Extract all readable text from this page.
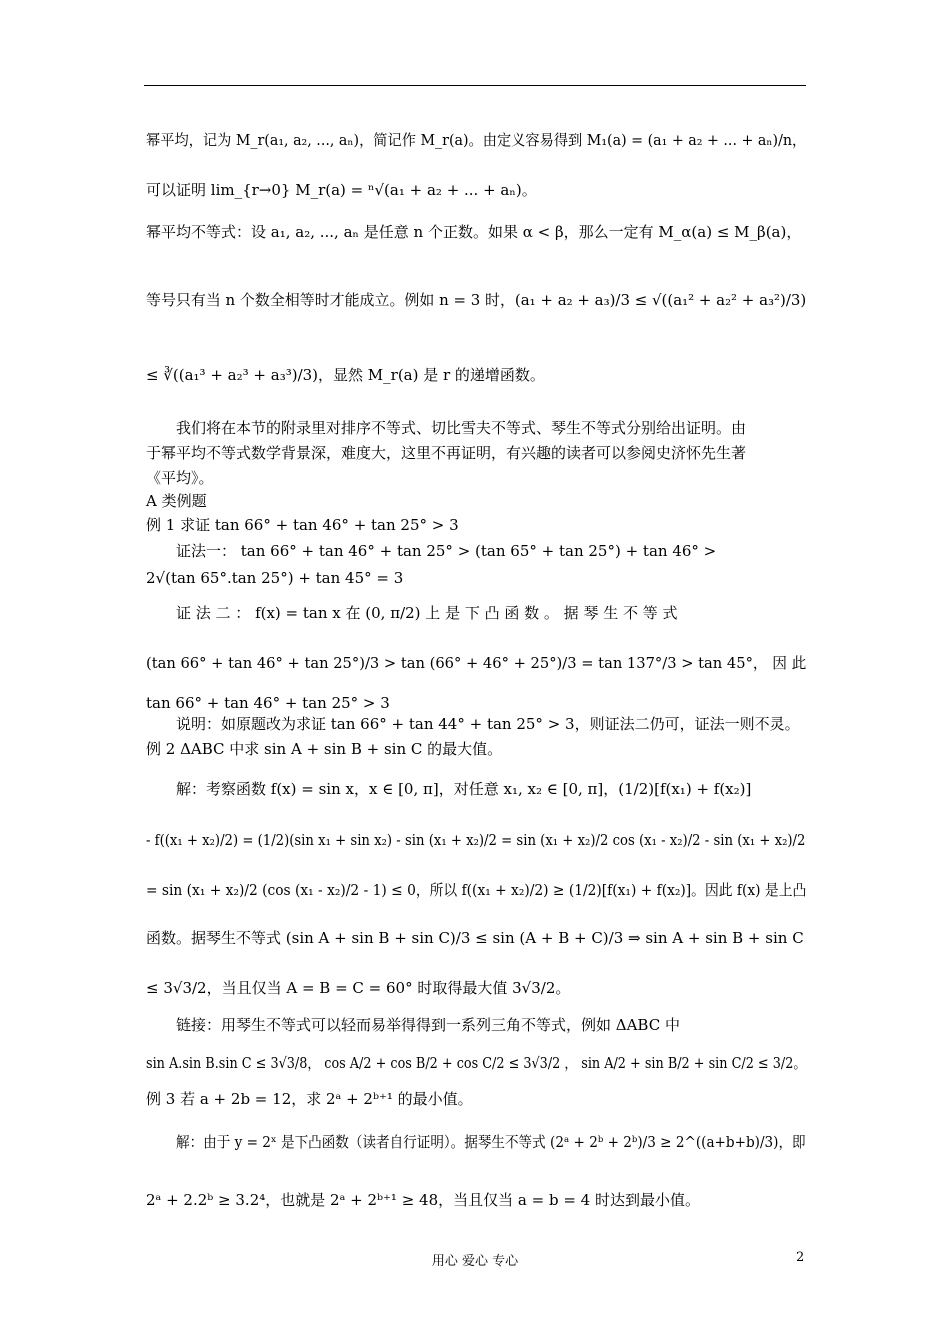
幂平均，记为 M_r(a₁, a₂, ..., aₙ)，简记作 M_r(a)。由定义容易得到 M₁(a) = (a₁ + a₂ + ... + aₙ)/n，
可以证明 lim_{r→0} M_r(a) = ⁿ√(a₁ + a₂ + ... + aₙ)。
幂平均不等式：设 a₁, a₂, ..., aₙ 是任意 n 个正数。如果 α < β，那么一定有 M_α(a) ≤ M_β(a)，
等号只有当 n 个数全相等时才能成立。例如 n = 3 时，(a₁ + a₂ + a₃)/3 ≤ √((a₁² + a₂² + a₃²)/3)
≤ ∛((a₁³ + a₂³ + a₃³)/3)，显然 M_r(a) 是 r 的递增函数。
我们将在本节的附录里对排序不等式、切比雪夫不等式、琴生不等式分别给出证明。由
于幂平均不等式数学背景深，难度大，这里不再证明，有兴趣的读者可以参阅史济怀先生著
《平均》。
A 类例题
例 1 求证 tan 66° + tan 46° + tan 25° > 3
证法一： tan 66° + tan 46° + tan 25° > (tan 65° + tan 25°) + tan 46° >
2√(tan 65°.tan 25°) + tan 45° = 3
证 法 二 ： f(x) = tan x 在 (0, π/2) 上 是 下 凸 函 数 。 据 琴 生 不 等 式
(tan 66° + tan 46° + tan 25°)/3 > tan (66° + 46° + 25°)/3 = tan 137°/3 > tan 45°， 因 此
tan 66° + tan 46° + tan 25° > 3
说明：如原题改为求证 tan 66° + tan 44° + tan 25° > 3，则证法二仍可，证法一则不灵。
例 2 ΔABC 中求 sin A + sin B + sin C 的最大值。
解：考察函数 f(x) = sin x，x ∈ [0, π]，对任意 x₁, x₂ ∈ [0, π]，(1/2)[f(x₁) + f(x₂)]
- f((x₁ + x₂)/2) = (1/2)(sin x₁ + sin x₂) - sin (x₁ + x₂)/2 = sin (x₁ + x₂)/2 cos (x₁ - x₂)/2 - sin (x₁ + x₂)/2
= sin (x₁ + x₂)/2 (cos (x₁ - x₂)/2 - 1) ≤ 0，所以 f((x₁ + x₂)/2) ≥ (1/2)[f(x₁) + f(x₂)]。因此 f(x) 是上凸
函数。据琴生不等式 (sin A + sin B + sin C)/3 ≤ sin (A + B + C)/3 ⇒ sin A + sin B + sin C
≤ 3√3/2，当且仅当 A = B = C = 60° 时取得最大值 3√3/2。
链接：用琴生不等式可以轻而易举得得到一系列三角不等式，例如 ΔABC 中
sin A.sin B.sin C ≤ 3√3/8， cos A/2 + cos B/2 + cos C/2 ≤ 3√3/2 ， sin A/2 + sin B/2 + sin C/2 ≤ 3/2。
例 3 若 a + 2b = 12，求 2ᵃ + 2ᵇ⁺¹ 的最小值。
解：由于 y = 2ˣ 是下凸函数（读者自行证明）。据琴生不等式 (2ᵃ + 2ᵇ + 2ᵇ)/3 ≥ 2^((a+b+b)/3)，即
2ᵃ + 2.2ᵇ ≥ 3.2⁴，也就是 2ᵃ + 2ᵇ⁺¹ ≥ 48，当且仅当 a = b = 4 时达到最小值。
用心 爱心 专心	2
